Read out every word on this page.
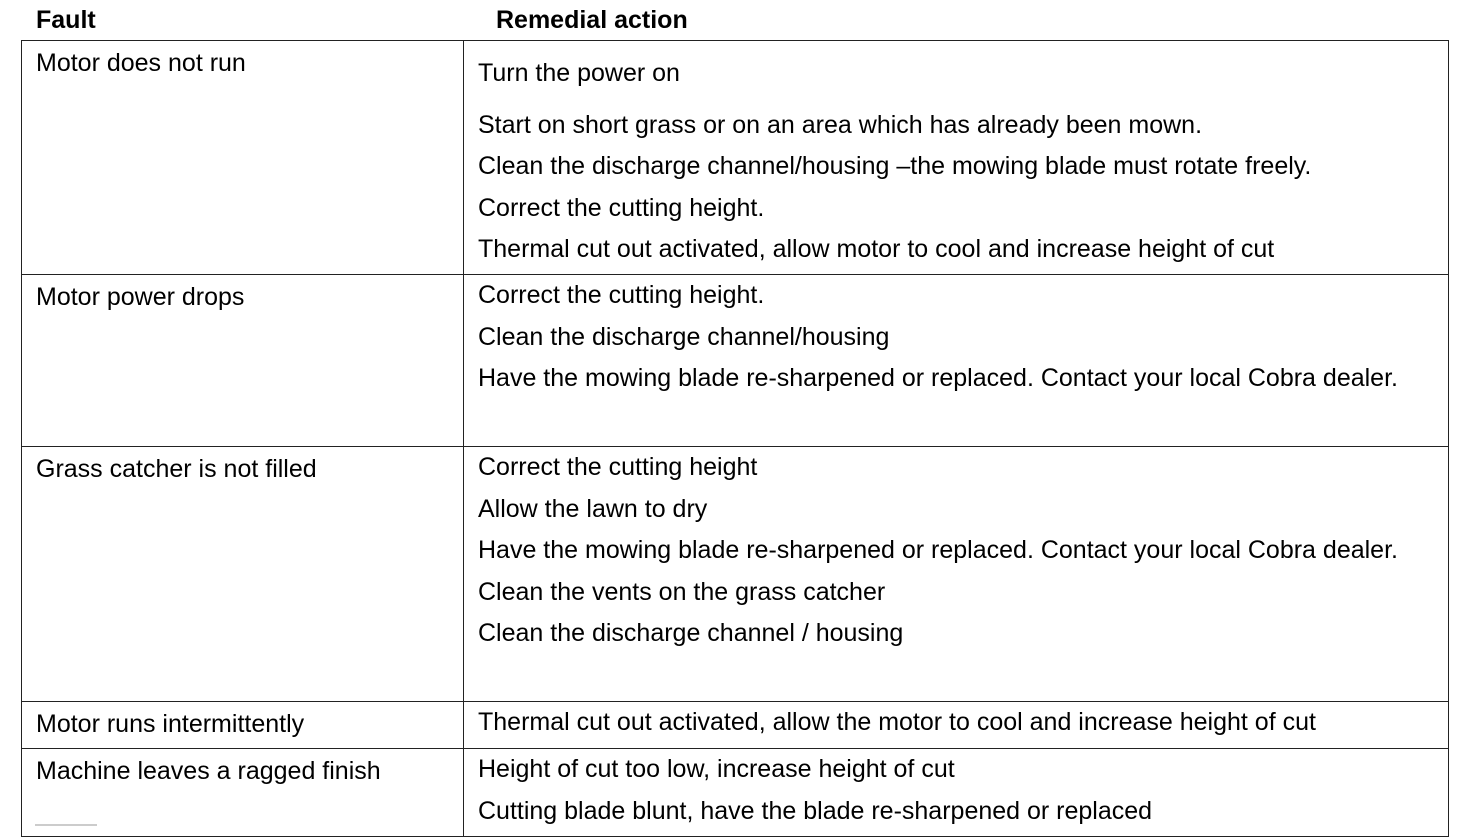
Fault	Remedial action
Motor does not run	Turn the power on
Start on short grass or on an area which has already been mown.
Clean the discharge channel/housing –the mowing blade must rotate freely.
Correct the cutting height.
Thermal cut out activated, allow motor to cool and increase height of cut

Motor power drops	Correct the cutting height.
Clean the discharge channel/housing
Have the mowing blade re-sharpened or replaced. Contact your local Cobra dealer.

Grass catcher is not filled	Correct the cutting height
Allow the lawn to dry
Have the mowing blade re-sharpened or replaced. Contact your local Cobra dealer.
Clean the vents on the grass catcher
Clean the discharge channel / housing

Motor runs intermittently	Thermal cut out activated, allow the motor to cool and increase height of cut

Machine leaves a ragged finish	Height of cut too low, increase height of cut
Cutting blade blunt, have the blade re-sharpened or replaced
